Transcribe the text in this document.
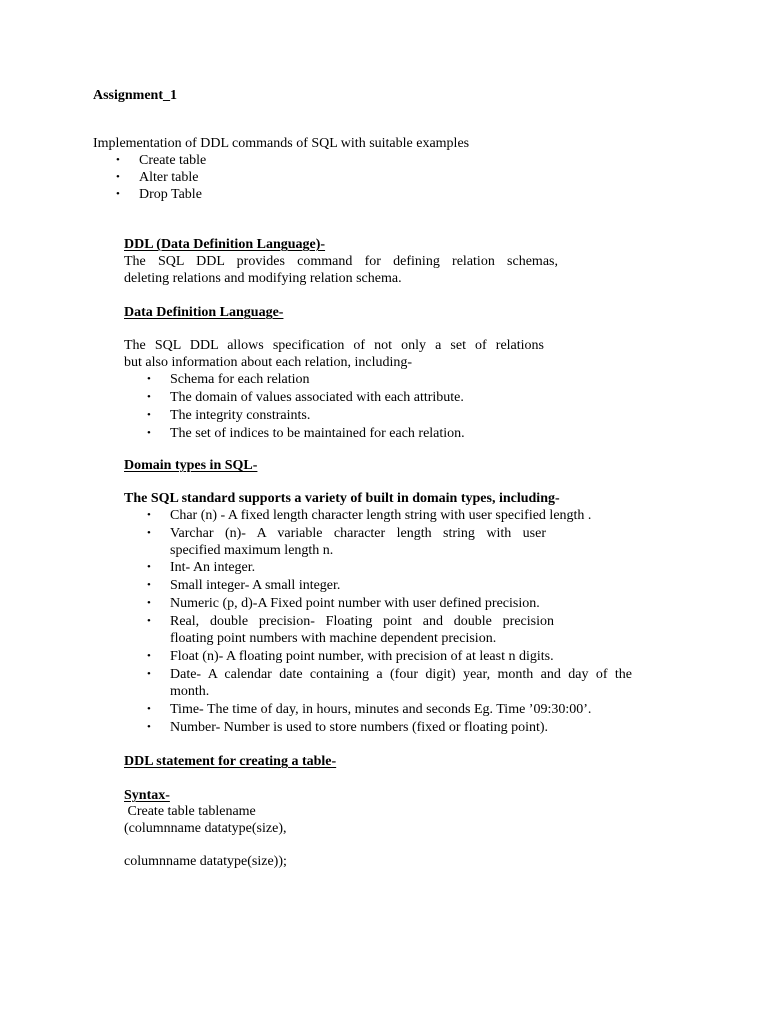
Assignment_1
Implementation of DDL commands of SQL with suitable examples
• Create table
• Alter table
• Drop Table
DDL (Data Definition Language)-
The SQL DDL provides command for defining relation schemas,
deleting relations and modifying relation schema.
Data Definition Language-
The SQL DDL allows specification of not only a set of relations
but also information about each relation, including-
• Schema for each relation
• The domain of values associated with each attribute.
• The integrity constraints.
• The set of indices to be maintained for each relation.
Domain types in SQL-
The SQL standard supports a variety of built in domain types, including-
• Char (n) - A fixed length character length string with user specified length .
• Varchar (n)- A variable character length string with user
specified maximum length n.
• Int- An integer.
• Small integer- A small integer.
• Numeric (p, d)-A Fixed point number with user defined precision.
• Real, double precision- Floating point and double precision
floating point numbers with machine dependent precision.
• Float (n)- A floating point number, with precision of at least n digits.
• Date- A calendar date containing a (four digit) year, month and day of the
month.
• Time- The time of day, in hours, minutes and seconds Eg. Time ’09:30:00’.
• Number- Number is used to store numbers (fixed or floating point).
DDL statement for creating a table-
Syntax-
Create table tablename
(columnname datatype(size),
columnname datatype(size));
